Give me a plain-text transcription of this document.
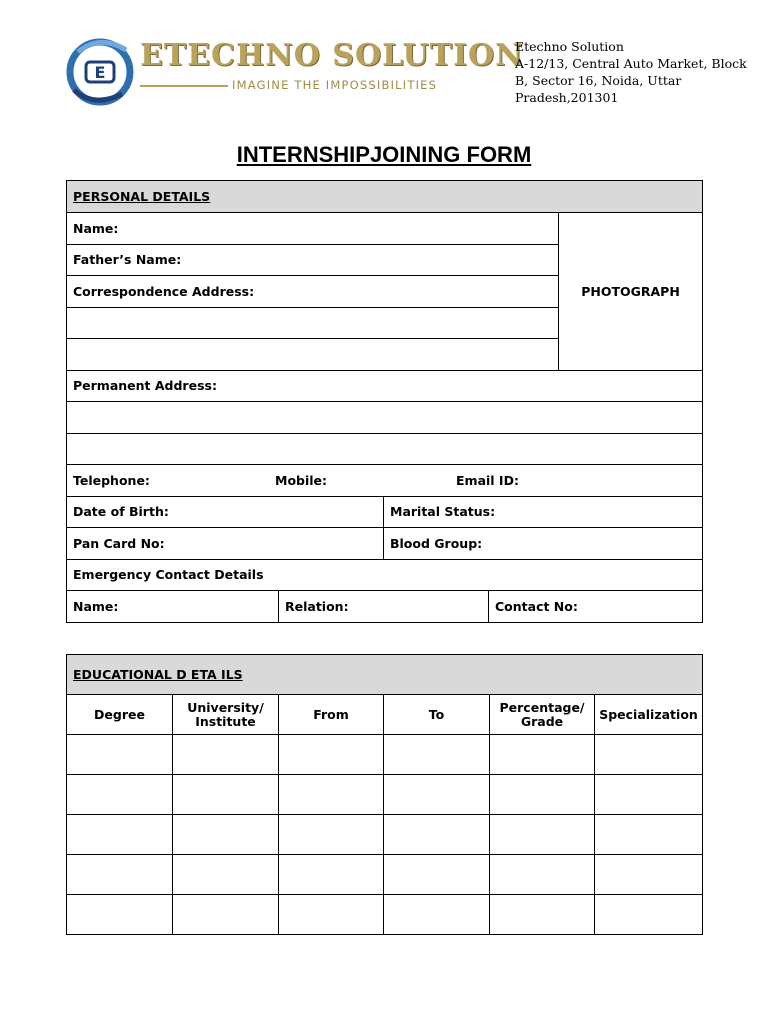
E ETECHNO SOLUTION
IMAGINE THE IMPOSSIBILITIES
Etechno Solution
A-12/13, Central Auto Market, Block
B, Sector 16, Noida, Uttar
Pradesh,201301
INTERNSHIPJOINING FORM
PERSONAL DETAILS				
Name:				PHOTOGRAPH
Father’s Name:				
Correspondence Address:				

Permanent Address:				

Telephone: Mobile: Email ID:				

Date of Birth:		Marital Status:		
Pan Card No:		Blood Group:		
Emergency Contact Details				
Name:	Relation:		Contact No:	
EDUCATIONAL D ETA ILS					
Degree	University/ Institute	From	To	Percentage/ Grade	Specialization
